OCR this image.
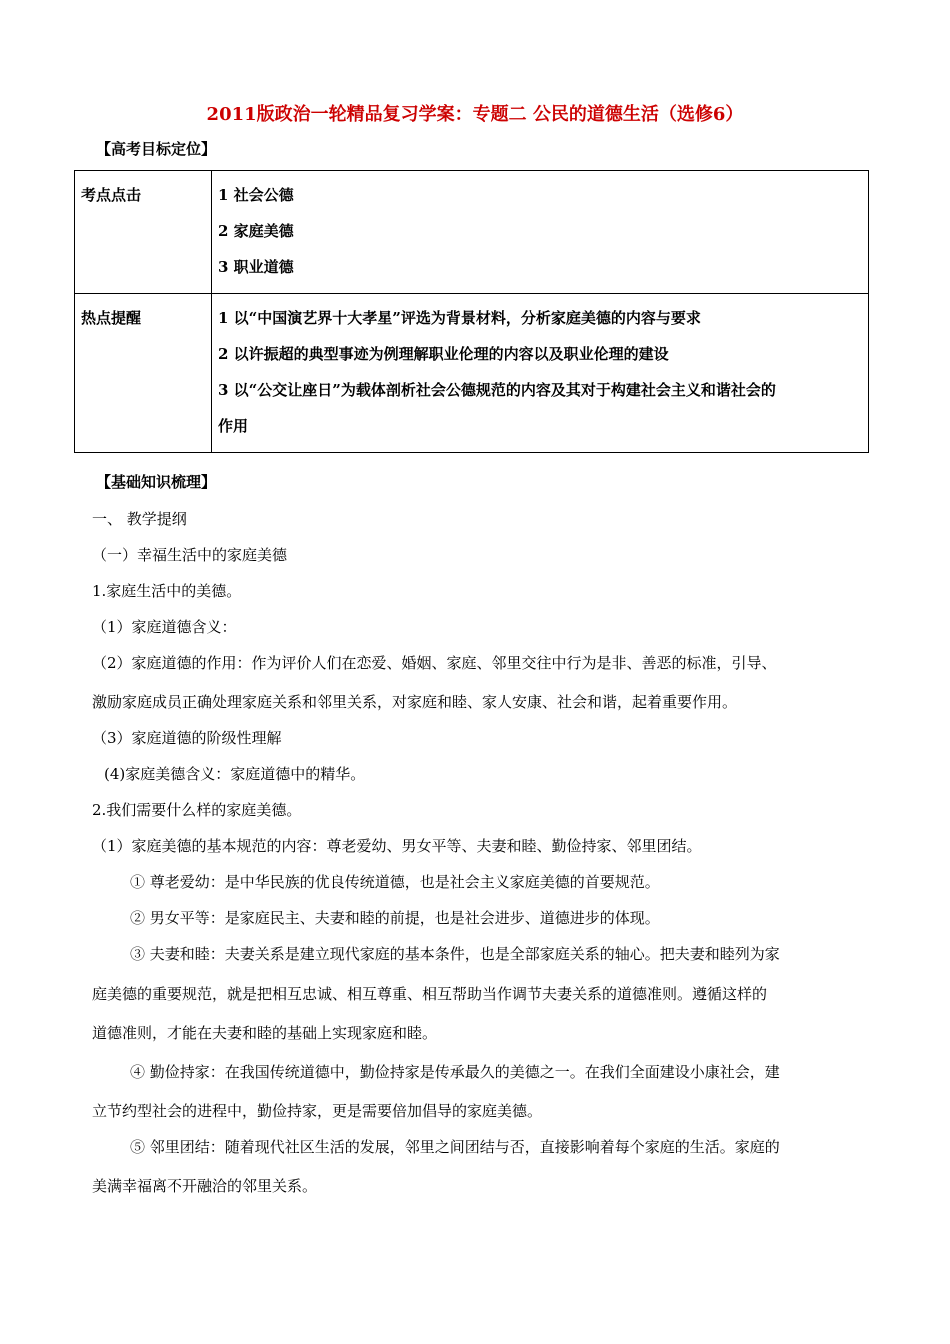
2011版政治一轮精品复习学案：专题二 公民的道德生活（选修6）
【高考目标定位】
考点点击	1 社会公德
2 家庭美德
3 职业道德

热点提醒	1 以“中国演艺界十大孝星”评选为背景材料，分析家庭美德的内容与要求
2 以许振超的典型事迹为例理解职业伦理的内容以及职业伦理的建设
3 以“公交让座日”为载体剖析社会公德规范的内容及其对于构建社会主义和谐社会的
作用
【基础知识梳理】
一、 教学提纲
（一）幸福生活中的家庭美德
1.家庭生活中的美德。
（1）家庭道德含义：
（2）家庭道德的作用：作为评价人们在恋爱、婚姻、家庭、邻里交往中行为是非、善恶的标准，引导、
激励家庭成员正确处理家庭关系和邻里关系，对家庭和睦、家人安康、社会和谐，起着重要作用。
（3）家庭道德的阶级性理解
(4)家庭美德含义：家庭道德中的精华。
2.我们需要什么样的家庭美德。
（1）家庭美德的基本规范的内容：尊老爱幼、男女平等、夫妻和睦、勤俭持家、邻里团结。
① 尊老爱幼：是中华民族的优良传统道德，也是社会主义家庭美德的首要规范。
② 男女平等：是家庭民主、夫妻和睦的前提，也是社会进步、道德进步的体现。
③ 夫妻和睦：夫妻关系是建立现代家庭的基本条件，也是全部家庭关系的轴心。把夫妻和睦列为家
庭美德的重要规范，就是把相互忠诚、相互尊重、相互帮助当作调节夫妻关系的道德准则。遵循这样的
道德准则，才能在夫妻和睦的基础上实现家庭和睦。
④ 勤俭持家：在我国传统道德中，勤俭持家是传承最久的美德之一。在我们全面建设小康社会，建
立节约型社会的进程中，勤俭持家，更是需要倍加倡导的家庭美德。
⑤ 邻里团结：随着现代社区生活的发展，邻里之间团结与否，直接影响着每个家庭的生活。家庭的
美满幸福离不开融洽的邻里关系。
